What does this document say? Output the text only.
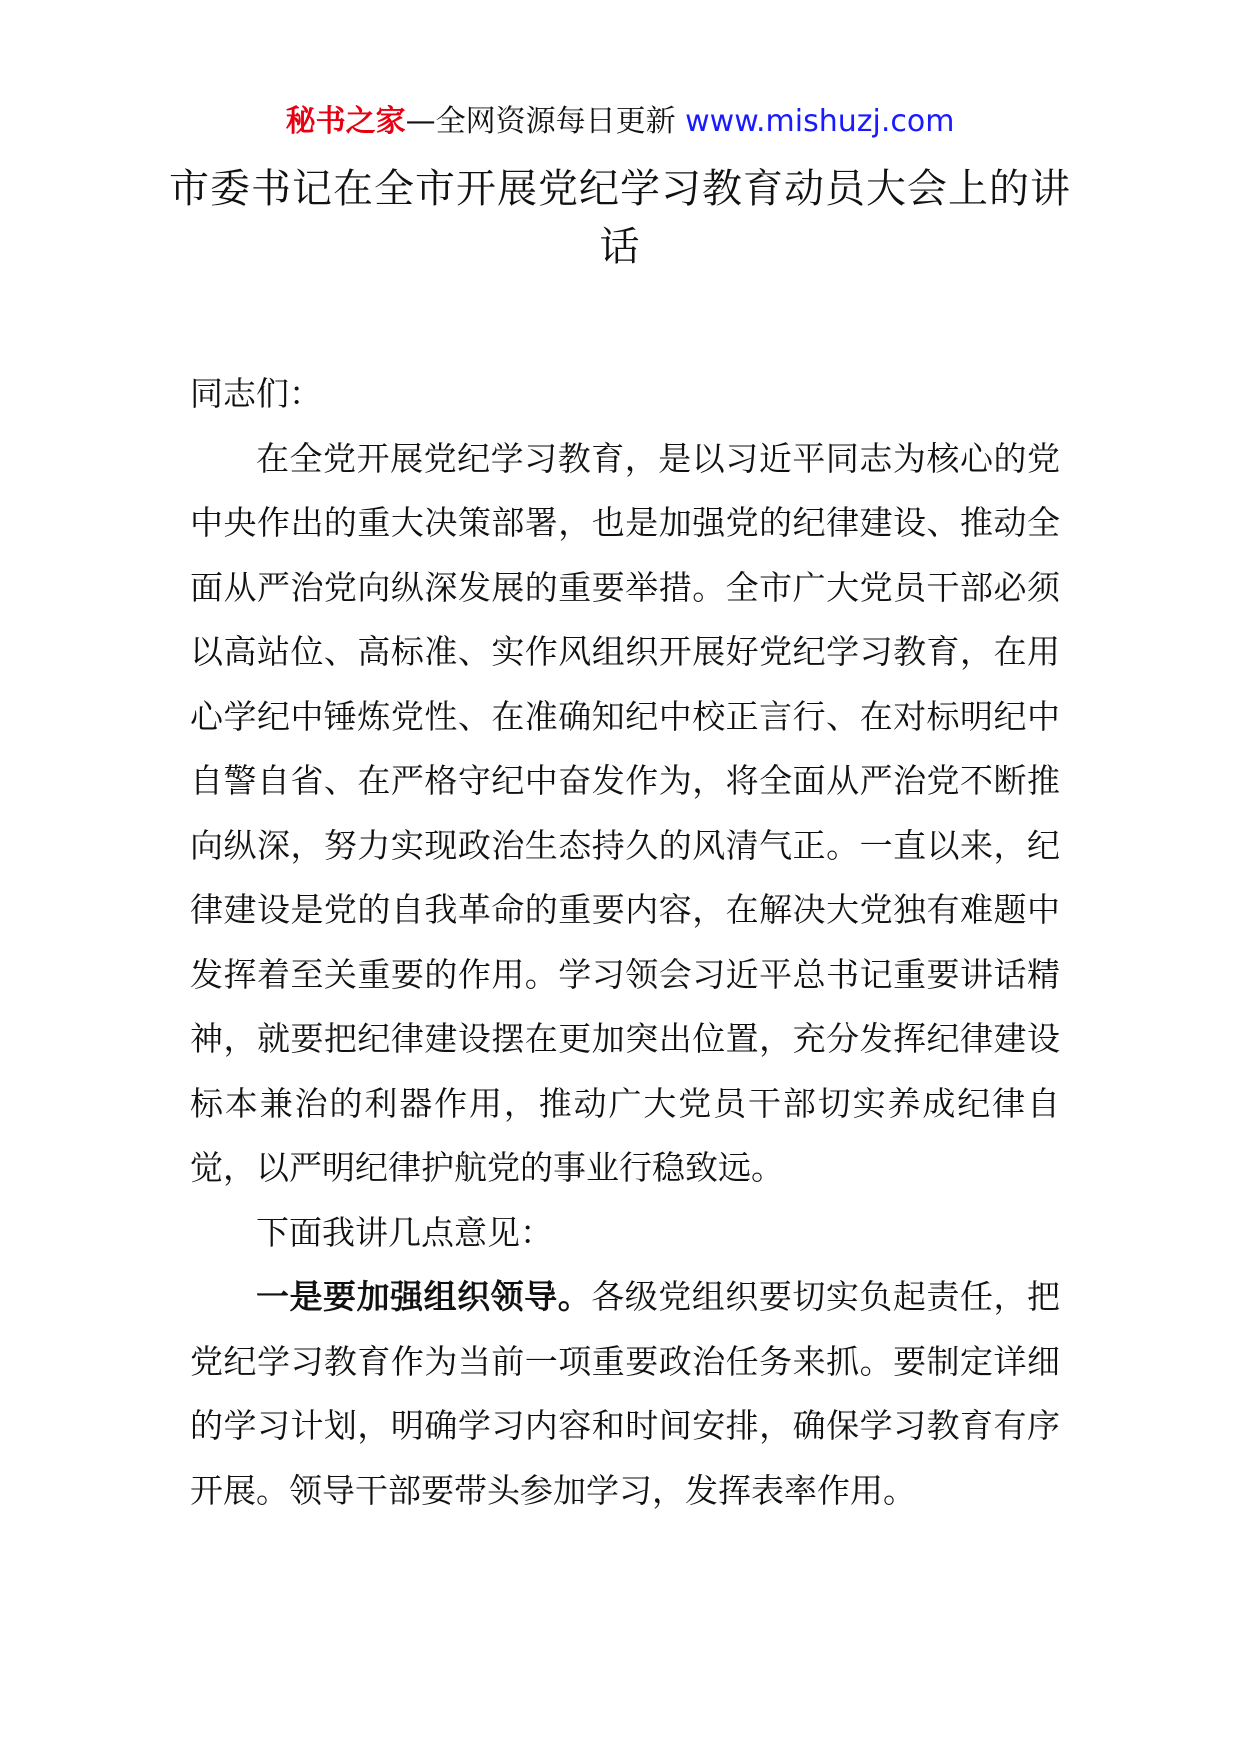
秘书之家—全网资源每日更新 www.mishuzj.com
市委书记在全市开展党纪学习教育动员大会上的讲话

同志们：

在全党开展党纪学习教育，是以习近平同志为核心的党中央作出的重大决策部署，也是加强党的纪律建设、推动全面从严治党向纵深发展的重要举措。全市广大党员干部必须以高站位、高标准、实作风组织开展好党纪学习教育，在用心学纪中锤炼党性、在准确知纪中校正言行、在对标明纪中自警自省、在严格守纪中奋发作为，将全面从严治党不断推向纵深，努力实现政治生态持久的风清气正。一直以来，纪律建设是党的自我革命的重要内容，在解决大党独有难题中发挥着至关重要的作用。学习领会习近平总书记重要讲话精神，就要把纪律建设摆在更加突出位置，充分发挥纪律建设标本兼治的利器作用，推动广大党员干部切实养成纪律自觉，以严明纪律护航党的事业行稳致远。

下面我讲几点意见：

一是要加强组织领导。各级党组织要切实负起责任，把党纪学习教育作为当前一项重要政治任务来抓。要制定详细的学习计划，明确学习内容和时间安排，确保学习教育有序开展。领导干部要带头参加学习，发挥表率作用。
